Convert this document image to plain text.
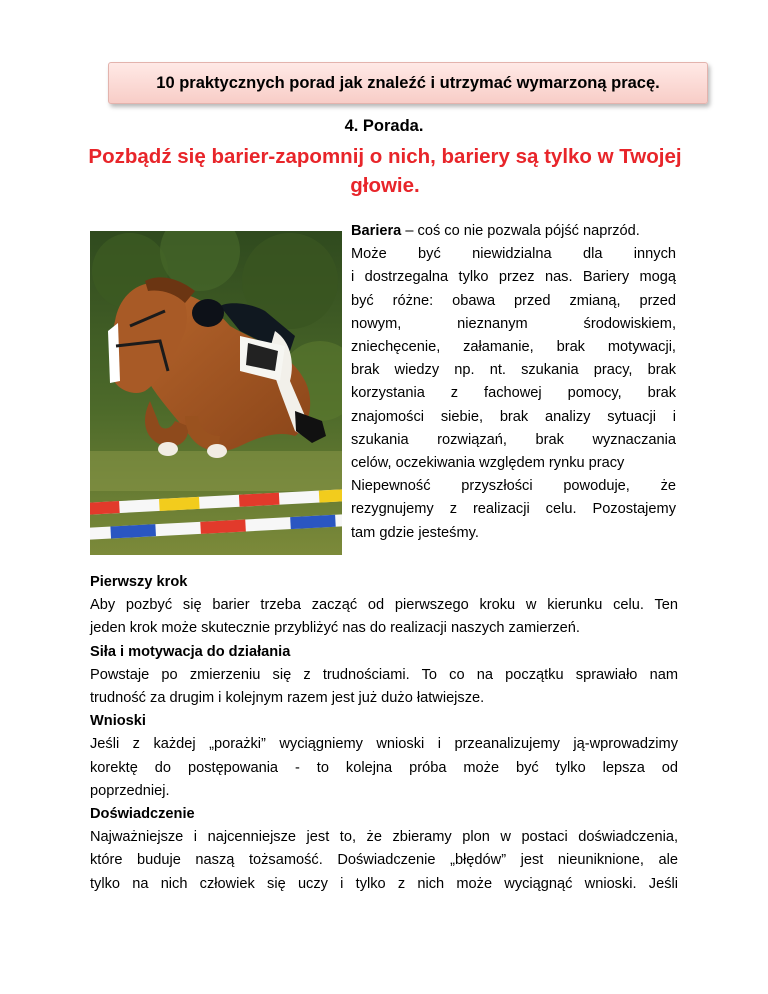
10 praktycznych porad jak znaleźć i utrzymać wymarzoną pracę.
4. Porada.
Pozbądź się barier-zapomnij o nich, bariery są tylko w Twojej
głowie.

Bariera – coś co nie pozwala pójść naprzód.

Może być niewidzialna dla innych

i dostrzegalna tylko przez nas. Bariery mogą

być różne: obawa przed zmianą, przed

nowym, nieznanym środowiskiem,

zniechęcenie, załamanie, brak motywacji,

brak wiedzy np. nt. szukania pracy, brak

korzystania z fachowej pomocy, brak

znajomości siebie, brak analizy sytuacji i

szukania rozwiązań, brak wyznaczania

celów, oczekiwania względem rynku pracy

Niepewność przyszłości powoduje, że

rezygnujemy z realizacji celu. Pozostajemy

tam gdzie jesteśmy.

Pierwszy krok

Aby pozbyć się barier trzeba zacząć od pierwszego kroku w kierunku celu. Ten

jeden krok może skutecznie przybliżyć nas do realizacji naszych zamierzeń.

Siła i motywacja do działania

Powstaje po zmierzeniu się z trudnościami. To co na początku sprawiało nam

trudność za drugim i kolejnym razem jest już dużo łatwiejsze.

Wnioski

Jeśli z każdej „porażki” wyciągniemy wnioski i przeanalizujemy ją-wprowadzimy

korektę do postępowania - to kolejna próba może być tylko lepsza od

poprzedniej.

Doświadczenie

Najważniejsze i najcenniejsze jest to, że zbieramy plon w postaci doświadczenia,

które buduje naszą tożsamość. Doświadczenie „błędów” jest nieuniknione, ale

tylko na nich człowiek się uczy i tylko z nich może wyciągnąć wnioski. Jeśli
